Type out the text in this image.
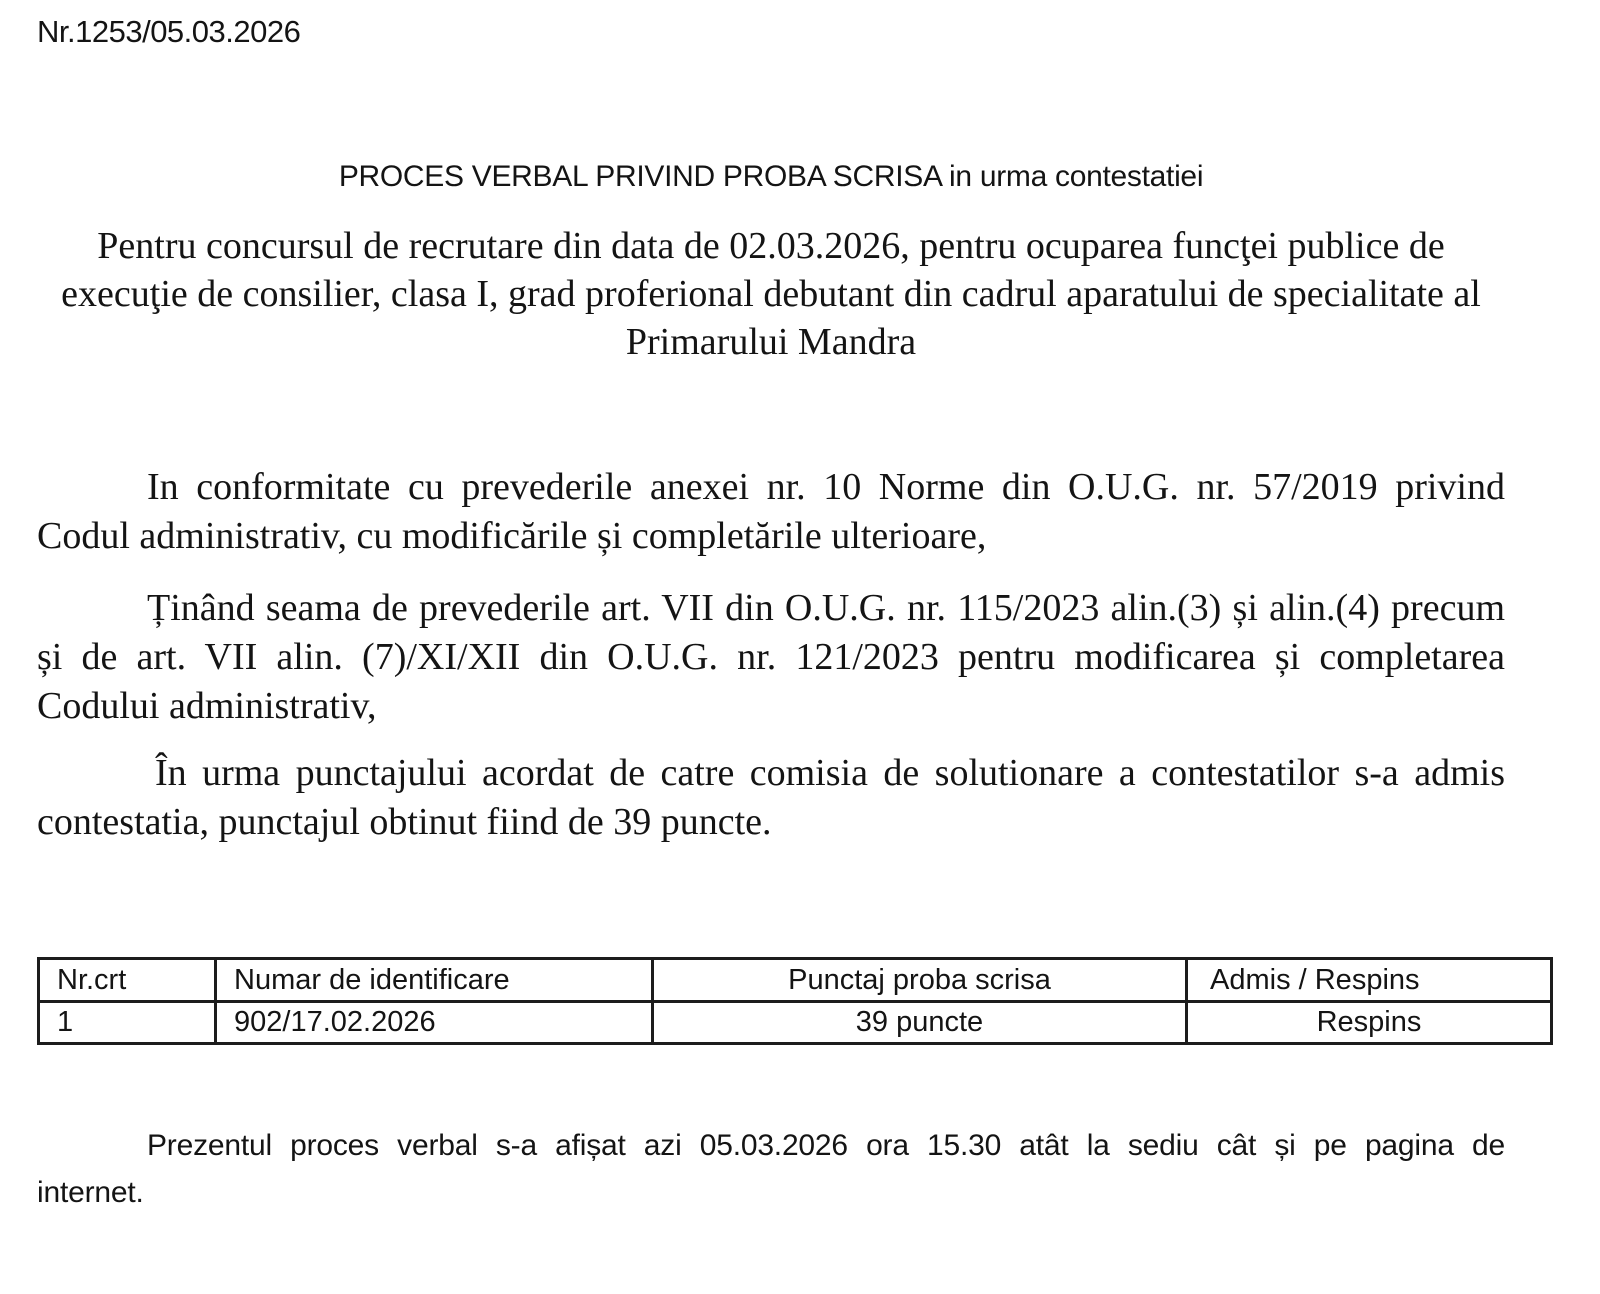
Nr.1253/05.03.2026
PROCES VERBAL PRIVIND PROBA SCRISA in urma contestatiei
Pentru concursul de recrutare din data de 02.03.2026, pentru ocuparea funcţei publice de
execuţie de consilier, clasa I, grad proferional debutant din cadrul aparatului de specialitate al
Primarului Mandra
In conformitate cu prevederile anexei nr. 10 Norme din O.U.G. nr. 57/2019 privind
Codul administrativ, cu modificările și completările ulterioare,
Ținând seama de prevederile art. VII din O.U.G. nr. 115/2023 alin.(3) și alin.(4) precum
și de art. VII alin. (7)/XI/XII din O.U.G. nr. 121/2023 pentru modificarea și completarea
Codului administrativ,
În urma punctajului acordat de catre comisia de solutionare a contestatilor s-a admis
contestatia, punctajul obtinut fiind de 39 puncte.
Nr.crt	Numar de identificare	Punctaj proba scrisa	Admis / Respins
1	902/17.02.2026	39 puncte	Respins
Prezentul proces verbal s-a afișat azi 05.03.2026 ora 15.30 atât la sediu cât și pe pagina de
internet.
